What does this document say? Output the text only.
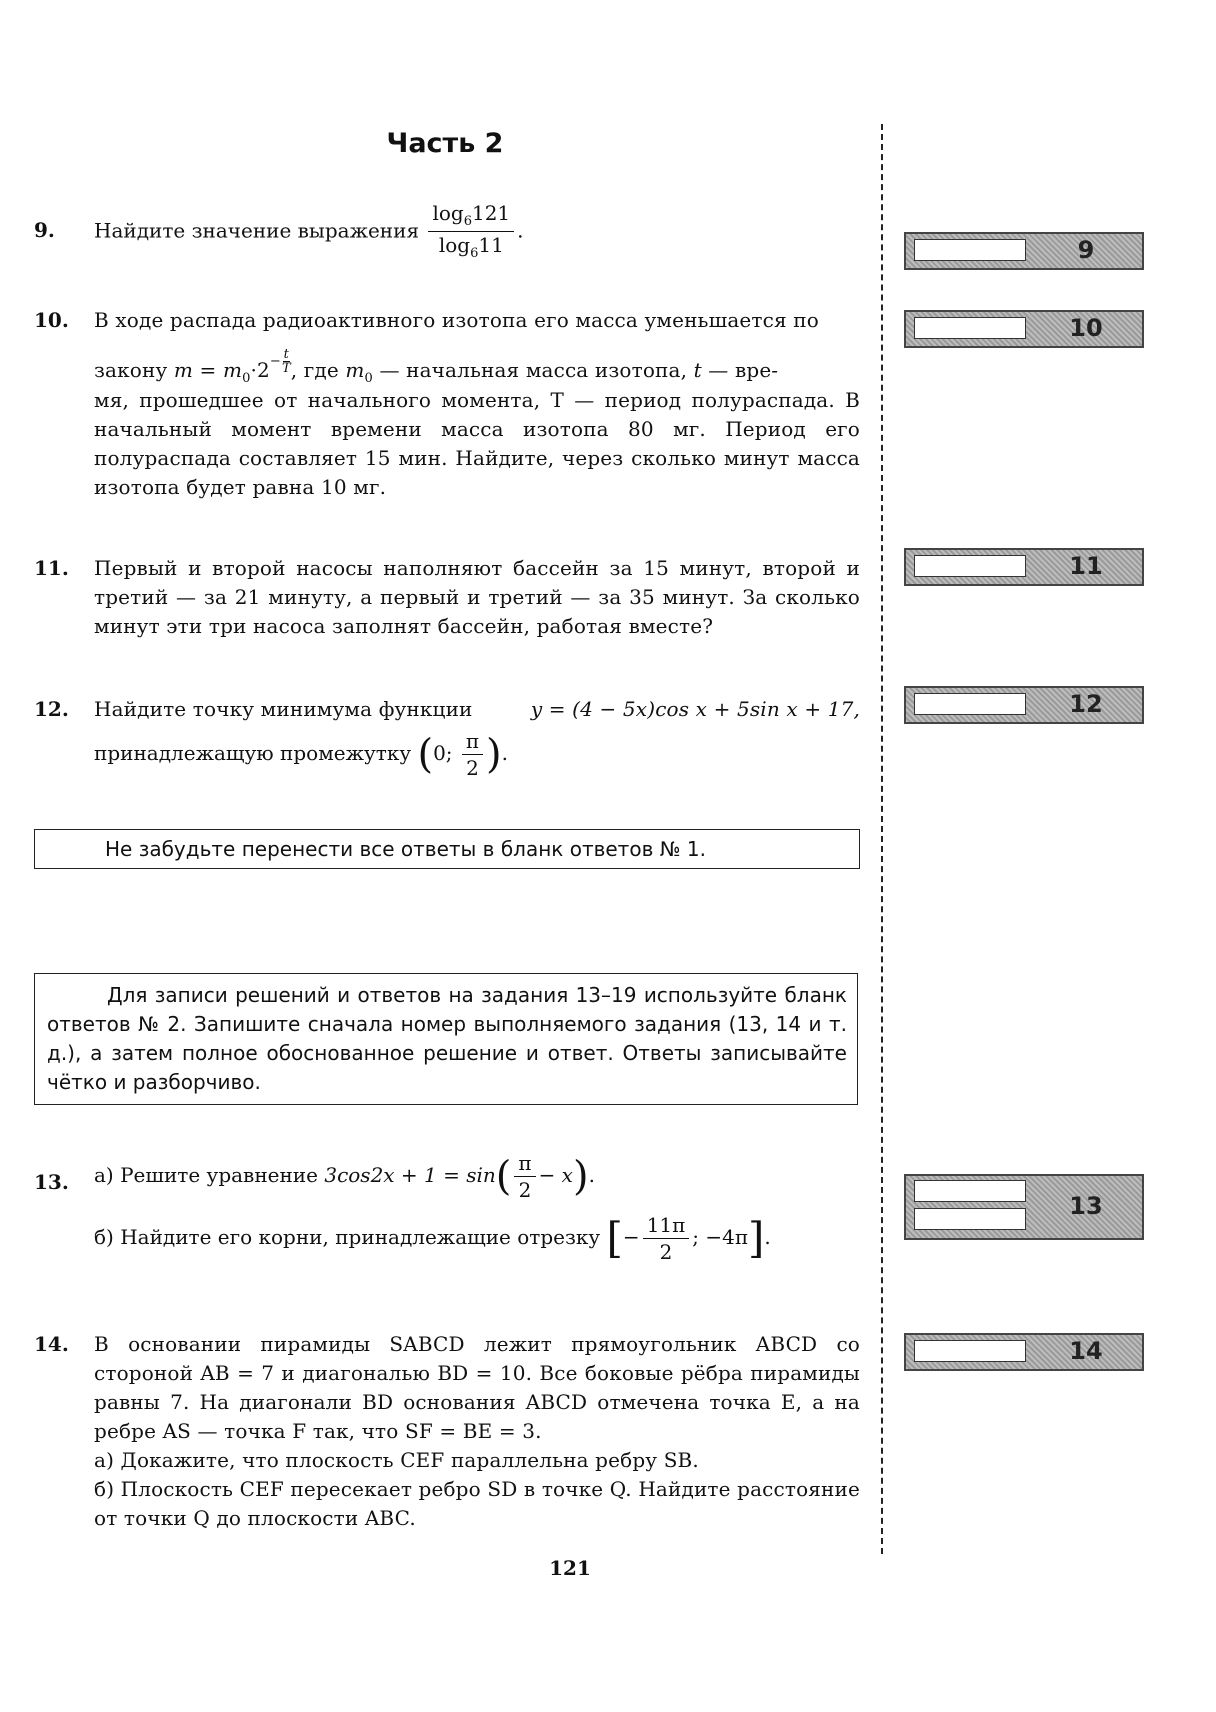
Часть 2
9.	Найдите значение выражения $\frac{\log_6121}{\log_611}$ .
10. В ходе распада радиоактивного изотопа его масса уменьшается по
закону $m = m_0\cdot 2 - \frac{t}{T}$ , где $m_0$ — начальная масса изотопа, t — вре-
мя, прошедшее от начального момента, T — период полураспада. В начальный момент времени масса изотопа 80 мг. Период его полураспада составляет 15 мин. Найдите, через сколько минут масса изотопа будет равна 10 мг.
11. Первый и второй насосы наполняют бассейн за 15 минут, второй и третий — за 21 минуту, а первый и третий — за 35 минут. За сколько минут эти три насоса заполнят бассейн, работая вместе?
12. Найдите точку минимума функции	y = (4 − 5x)cos x + 5sin x + 17,
принадлежащую промежутку (0; $\frac{\pi}{2}$ ).
Не забудьте перенести все ответы в бланк ответов № 1.
Для записи решений и ответов на задания 13–19 используйте бланк ответов № 2. Запишите сначала номер выполняемого задания (13, 14 и т. д.), а затем полное обоснованное решение и ответ. Ответы записывайте чётко и разборчиво.
13. а) Решите уравнение $3\cos 2x + 1 = \sin( \frac{\pi}{2} - x)$.
б) Найдите его корни, принадлежащие отрезку [− $\frac{11\pi}{2}$ ; −4π].
14. В основании пирамиды SABCD лежит прямоугольник ABCD со стороной AB = 7 и диагональю BD = 10. Все боковые рёбра пирамиды равны 7. На диагонали BD основания ABCD отмечена точка E, а на ребре AS — точка F так, что SF = BE = 3.
а) Докажите, что плоскость CEF параллельна ребру SB.
б) Плоскость CEF пересекает ребро SD в точке Q. Найдите расстояние от точки Q до плоскости ABC.
9
10
11
12
13
14
121
